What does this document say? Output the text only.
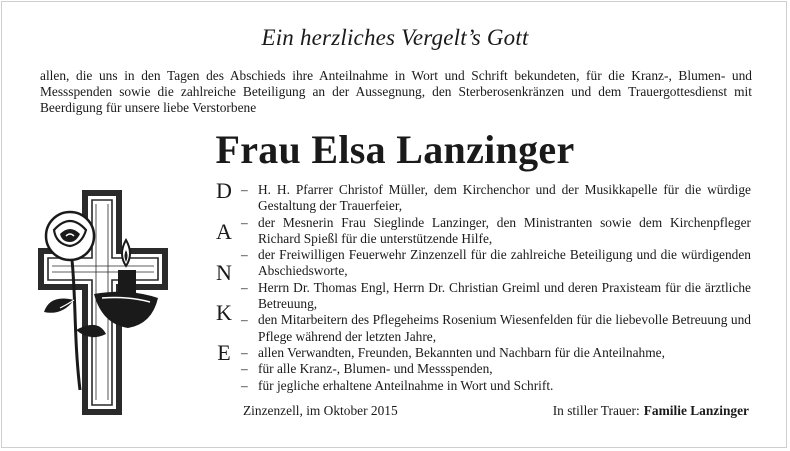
Ein herzliches Vergelt’s Gott

allen, die uns in den Tagen des Abschieds ihre Anteilnahme in Wort und Schrift bekundeten, für die Kranz-, Blumen- und Messspenden sowie die zahlreiche Beteiligung an der Aussegnung, den Sterberosenkränzen und dem Trauergottesdienst mit Beerdigung für unsere liebe Verstorbene

Frau Elsa Lanzinger
D
A
N
K
E
– H. H. Pfarrer Christof Müller, dem Kirchenchor und der Musikkapelle für die würdige Gestaltung der Trauerfeier,
– der Mesnerin Frau Sieglinde Lanzinger, den Ministranten sowie dem Kirchenpfleger Richard Spießl für die unterstützende Hilfe,
– der Freiwilligen Feuerwehr Zinzenzell für die zahlreiche Beteiligung und die würdigenden Abschiedsworte,
– Herrn Dr. Thomas Engl, Herrn Dr. Christian Greiml und deren Praxisteam für die ärztliche Betreuung,
– den Mitarbeitern des Pflegeheims Rosenium Wiesenfelden für die liebevolle Betreuung und Pflege während der letzten Jahre,
– allen Verwandten, Freunden, Bekannten und Nachbarn für die Anteilnahme,
– für alle Kranz-, Blumen- und Messspenden,
– für jegliche erhaltene Anteilnahme in Wort und Schrift.
Zinzenzell, im Oktober 2015	In stiller Trauer: Familie Lanzinger
